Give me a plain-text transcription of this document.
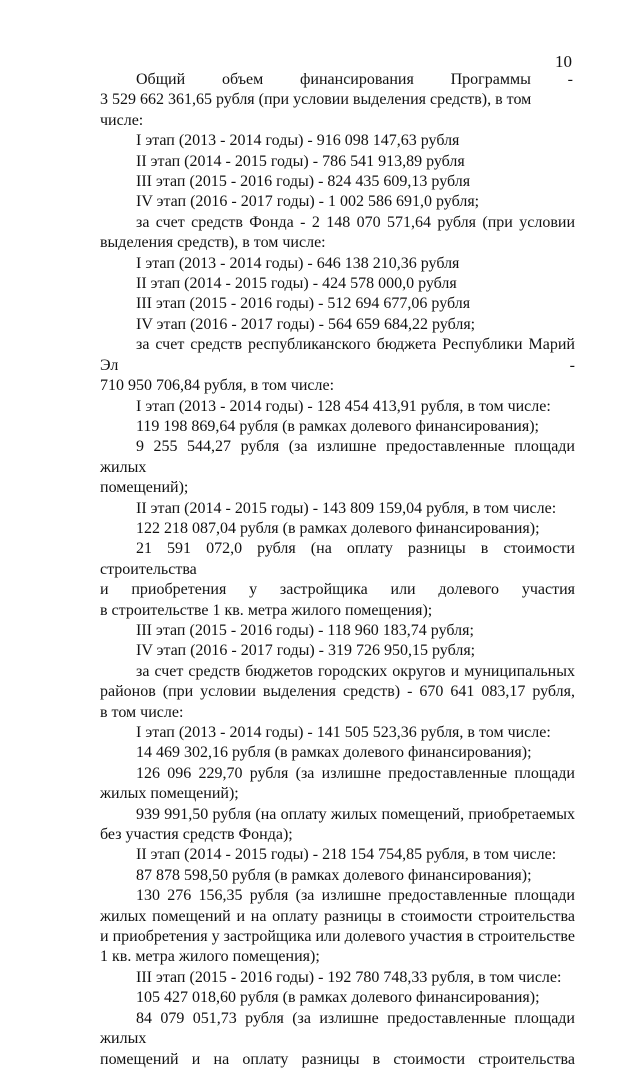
10

Общий	объем	финансирования	Программы	-

3 529 662 361,65 рубля (при условии выделения средств), в том числе:

I этап (2013 - 2014 годы) - 916 098 147,63 рубля

II этап (2014 - 2015 годы) - 786 541 913,89 рубля

III этап (2015 - 2016 годы) - 824 435 609,13 рубля

IV этап (2016 - 2017 годы) - 1 002 586 691,0 рубля;

за счет средств Фонда - 2 148 070 571,64 рубля (при условии

выделения средств), в том числе:

I этап (2013 - 2014 годы) - 646 138 210,36 рубля

II этап (2014 - 2015 годы) - 424 578 000,0 рубля

III этап (2015 - 2016 годы) - 512 694 677,06 рубля

IV этап (2016 - 2017 годы) - 564 659 684,22 рубля;

за счет средств республиканского бюджета Республики Марий Эл -

710 950 706,84 рубля, в том числе:

I этап (2013 - 2014 годы) - 128 454 413,91 рубля, в том числе:

119 198 869,64 рубля (в рамках долевого финансирования);

9 255 544,27 рубля (за излишне предоставленные площади жилых

помещений);

II этап (2014 - 2015 годы) - 143 809 159,04 рубля, в том числе:

122 218 087,04 рубля (в рамках долевого финансирования);

21 591 072,0 рубля (на оплату разницы в стоимости строительства

и приобретения у застройщика или долевого участия

в строительстве 1 кв. метра жилого помещения);

III этап (2015 - 2016 годы) - 118 960 183,74 рубля;

IV этап (2016 - 2017 годы) - 319 726 950,15 рубля;

за счет средств бюджетов городских округов и муниципальных

районов (при условии выделения средств) - 670 641 083,17 рубля,

в том числе:

I этап (2013 - 2014 годы) - 141 505 523,36 рубля, в том числе:

14 469 302,16 рубля (в рамках долевого финансирования);

126 096 229,70 рубля (за излишне предоставленные площади

жилых помещений);

939 991,50 рубля (на оплату жилых помещений, приобретаемых

без участия средств Фонда);

II этап (2014 - 2015 годы) - 218 154 754,85 рубля, в том числе:

87 878 598,50 рубля (в рамках долевого финансирования);

130 276 156,35 рубля (за излишне предоставленные площади

жилых помещений и на оплату разницы в стоимости строительства

и приобретения у застройщика или долевого участия в строительстве

1 кв. метра жилого помещения);

III этап (2015 - 2016 годы) - 192 780 748,33 рубля, в том числе:

105 427 018,60 рубля (в рамках долевого финансирования);

84 079 051,73 рубля (за излишне предоставленные площади жилых

помещений и на оплату разницы в стоимости строительства
